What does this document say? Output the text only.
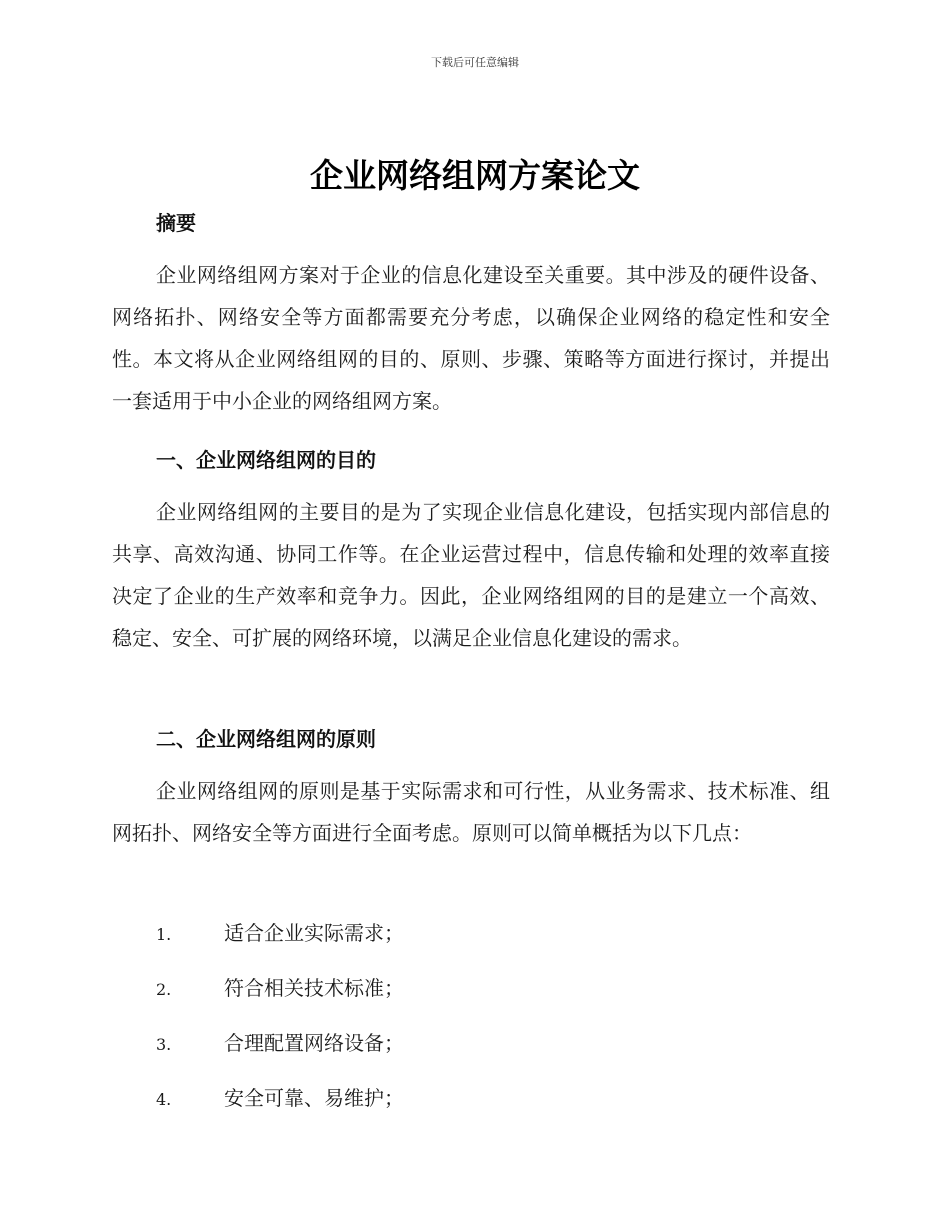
下载后可任意编辑
企业网络组网方案论文
摘要
企业网络组网方案对于企业的信息化建设至关重要。其中涉及的硬件设备、网络拓扑、网络安全等方面都需要充分考虑，以确保企业网络的稳定性和安全性。本文将从企业网络组网的目的、原则、步骤、策略等方面进行探讨，并提出一套适用于中小企业的网络组网方案。
一、企业网络组网的目的
企业网络组网的主要目的是为了实现企业信息化建设，包括实现内部信息的共享、高效沟通、协同工作等。在企业运营过程中，信息传输和处理的效率直接决定了企业的生产效率和竞争力。因此，企业网络组网的目的是建立一个高效、稳定、安全、可扩展的网络环境，以满足企业信息化建设的需求。
二、企业网络组网的原则
企业网络组网的原则是基于实际需求和可行性，从业务需求、技术标准、组网拓扑、网络安全等方面进行全面考虑。原则可以简单概括为以下几点：
1.	适合企业实际需求；
2.	符合相关技术标准；
3.	合理配置网络设备；
4.	安全可靠、易维护；
